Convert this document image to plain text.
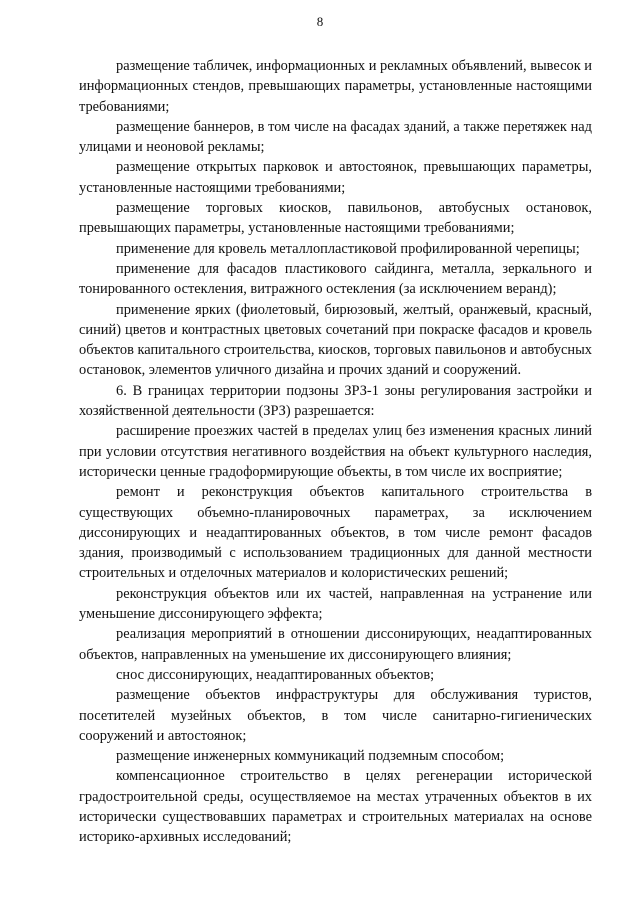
8

размещение табличек, информационных и рекламных объявлений, вывесок и информационных стендов, превышающих параметры, установленные настоящими требованиями;

размещение баннеров, в том числе на фасадах зданий, а также перетяжек над улицами и неоновой рекламы;

размещение открытых парковок и автостоянок, превышающих параметры, установленные настоящими требованиями;

размещение торговых киосков, павильонов, автобусных остановок, превышающих параметры, установленные настоящими требованиями;

применение для кровель металлопластиковой профилированной черепицы;

применение для фасадов пластикового сайдинга, металла, зеркального и тонированного остекления, витражного остекления (за исключением веранд);

применение ярких (фиолетовый, бирюзовый, желтый, оранжевый, красный, синий) цветов и контрастных цветовых сочетаний при покраске фасадов и кровель объектов капитального строительства, киосков, торговых павильонов и автобусных остановок, элементов уличного дизайна и прочих зданий и сооружений.

6. В границах территории подзоны ЗРЗ-1 зоны регулирования застройки и хозяйственной деятельности (ЗРЗ) разрешается:

расширение проезжих частей в пределах улиц без изменения красных линий при условии отсутствия негативного воздействия на объект культурного наследия, исторически ценные градоформирующие объекты, в том числе их восприятие;

ремонт и реконструкция объектов капитального строительства в существующих объемно-планировочных параметрах, за исключением диссонирующих и неадаптированных объектов, в том числе ремонт фасадов здания, производимый с использованием традиционных для данной местности строительных и отделочных материалов и колористических решений;

реконструкция объектов или их частей, направленная на устранение или уменьшение диссонирующего эффекта;

реализация мероприятий в отношении диссонирующих, неадаптированных объектов, направленных на уменьшение их диссонирующего влияния;

снос диссонирующих, неадаптированных объектов;

размещение объектов инфраструктуры для обслуживания туристов, посетителей музейных объектов, в том числе санитарно-гигиенических сооружений и автостоянок;

размещение инженерных коммуникаций подземным способом;

компенсационное строительство в целях регенерации исторической градостроительной среды, осуществляемое на местах утраченных объектов в их исторически существовавших параметрах и строительных материалах на основе историко-архивных исследований;
